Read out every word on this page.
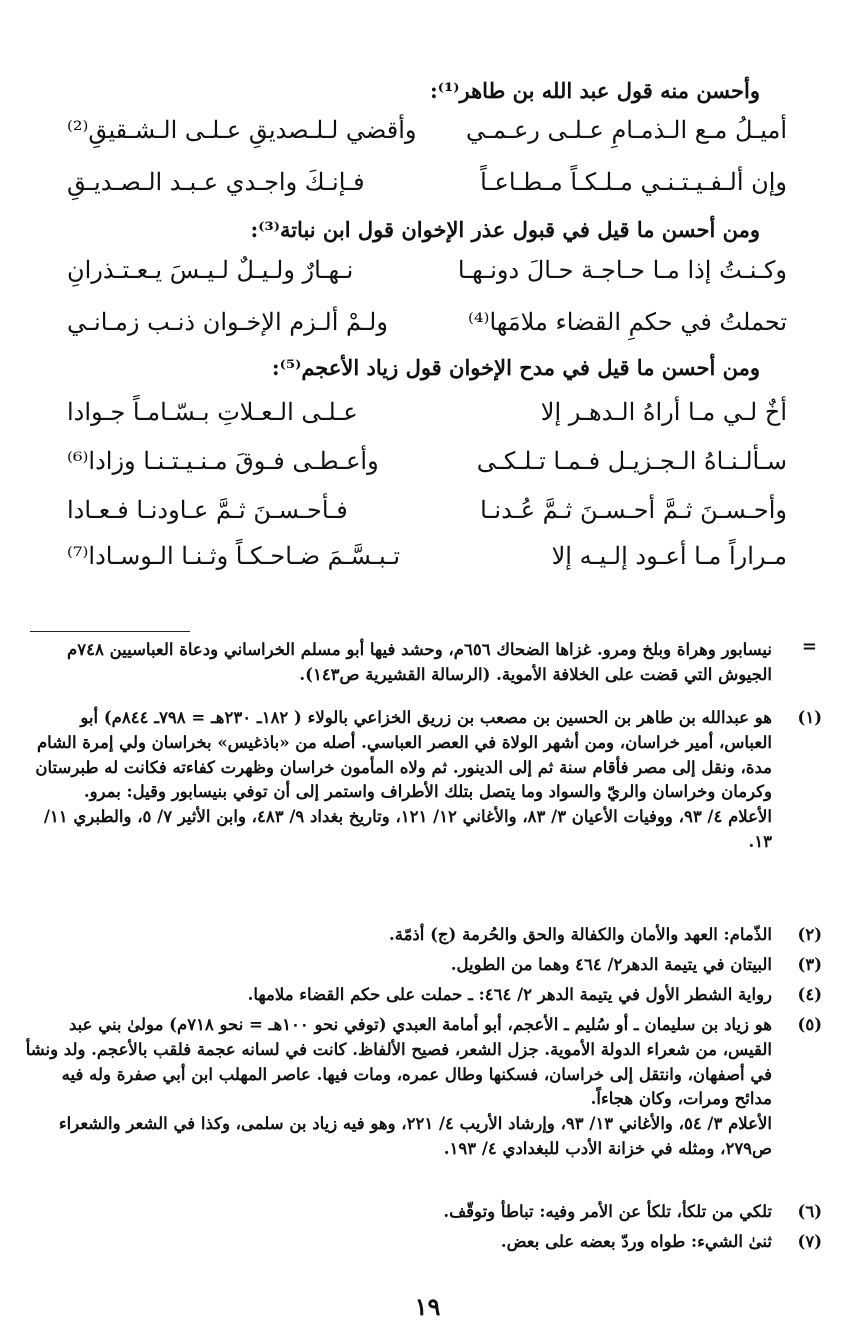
وأحسن منه قول عبد الله بن طاهر⁽¹⁾:
أميـلُ مـع الـذمـامِ عـلـى رعـمـي
وأقضي لـلـصديقِ عـلـى الـشـقيقِ⁽²⁾
وإن ألـفـيـتـنـي مـلـكـاً مـطـاعـاً
فـإنـكَ واجـدي عـبـد الـصـديـقِ
ومن أحسن ما قيل في قبول عذر الإخوان قول ابن نباتة⁽³⁾:
وكـنـتُ إذا مـا حـاجـة حـالَ دونـهـا
نـهـارٌ ولـيـلٌ لـيـسَ يـعـتـذرانِ
تحملتُ في حكمِ القضاء ملامَها⁽⁴⁾
ولـمْ ألـزم الإخـوان ذنـب زمـانـي
ومن أحسن ما قيل في مدح الإخوان قول زياد الأعجم⁽⁵⁾:
أخٌ لـي مـا أراهُ الـدهـر إلا
عـلـى الـعـلاتِ بـسّـامـاً جـوادا
سـألـنـاهُ الـجـزيـل فـمـا تـلـكـى
وأعـطـى فـوقَ مـنـيـتـنـا وزادا⁽⁶⁾
وأحـسـنَ ثـمَّ أحـسـنَ ثـمَّ عُـدنـا
فـأحـسـنَ ثـمَّ عـاودنـا فـعـادا
مـراراً مـا أعـود إلـيـه إلا
تـبـسَّـمَ ضـاحـكـاً وثـنـا الـوسـادا⁽⁷⁾
=
نيسابور وهراة وبلخ ومرو. غزاها الضحاك ٦٥٦م، وحشد فيها أبو مسلم الخراساني ودعاة العباسيين ٧٤٨م الجيوش التي قضت على الخلافة الأموية. (الرسالة القشيرية ص١٤٣).
(١)

هو عبدالله بن طاهر بن الحسين بن مصعب بن زريق الخزاعي بالولاء ( ١٨٢ـ ٢٣٠هـ = ٧٩٨ـ ٨٤٤م) أبو العباس، أمير خراسان، ومن أشهر الولاة في العصر العباسي. أصله من «باذغيس» بخراسان ولي إمرة الشام مدة، ونقل إلى مصر فأقام سنة ثم إلى الدينور. ثم ولاه المأمون خراسان وظهرت كفاءته فكانت له طبرستان وكرمان وخراسان والريّ والسواد وما يتصل بتلك الأطراف واستمر إلى أن توفي بنيسابور وقيل: بمرو.

الأعلام ٤/ ٩٣، ووفيات الأعيان ٣/ ٨٣، والأغاني ١٢/ ١٢١، وتاريخ بغداد ٩/ ٤٨٣، وابن الأثير ٧/ ٥، والطبري ١١/ ١٣.

(٢)

الذّمام: العهد والأمان والكفالة والحق والحُرمة (ج) أذمّة.

(٣)

البيتان في يتيمة الدهر٢/ ٤٦٤ وهما من الطويل.

(٤)

رواية الشطر الأول في يتيمة الدهر ٢/ ٤٦٤: ـ حملت على حكم القضاء ملامها.

(٥)

هو زياد بن سليمان ـ أو سُليم ـ الأعجم، أبو أمامة العبدي (توفي نحو ١٠٠هـ = نحو ٧١٨م) مولىٰ بني عبد القيس، من شعراء الدولة الأموية. جزل الشعر، فصيح الألفاظ. كانت في لسانه عجمة فلقب بالأعجم. ولد ونشأ في أصفهان، وانتقل إلى خراسان، فسكنها وطال عمره، ومات فيها. عاصر المهلب ابن أبي صفرة وله فيه مدائح ومرات، وكان هجاءاً.

الأعلام ٣/ ٥٤، والأغاني ١٣/ ٩٣، وإرشاد الأريب ٤/ ٢٢١، وهو فيه زياد بن سلمى، وكذا في الشعر والشعراء ص٢٧٩، ومثله في خزانة الأدب للبغدادي ٤/ ١٩٣.

(٦)

تلكي من تلكأ، تلكأ عن الأمر وفيه: تباطأ وتوقّف.

(٧)

ثنىٰ الشيء: طواه وردّ بعضه على بعض.

١٩
